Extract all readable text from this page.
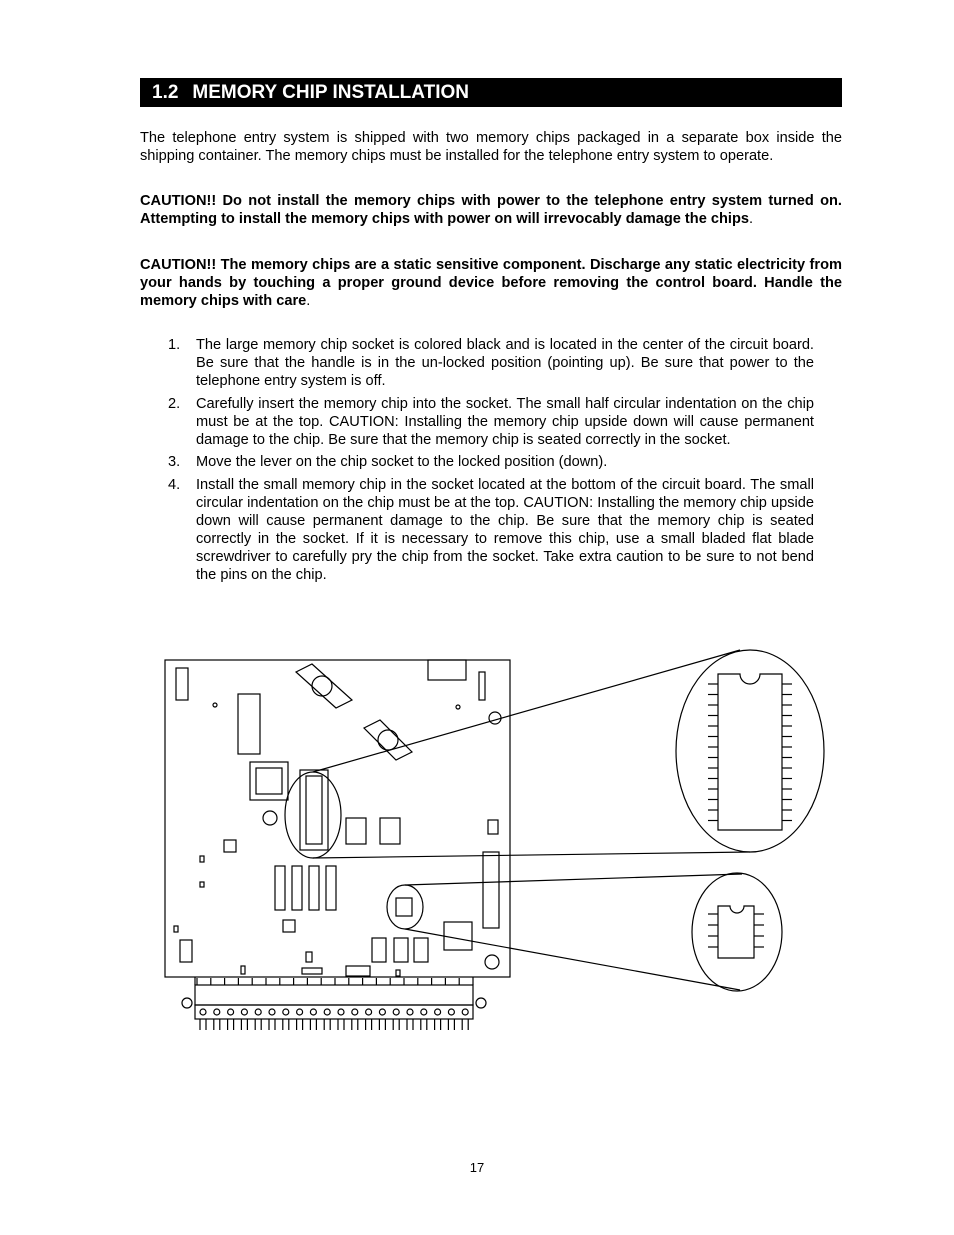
1.2 MEMORY CHIP INSTALLATION

The telephone entry system is shipped with two memory chips packaged in a separate box inside the shipping container. The memory chips must be installed for the telephone entry system to operate.

CAUTION!! Do not install the memory chips with power to the telephone entry system turned on. Attempting to install the memory chips with power on will irrevocably damage the chips.

CAUTION!! The memory chips are a static sensitive component. Discharge any static electricity from your hands by touching a proper ground device before removing the control board. Handle the memory chips with care.

1. The large memory chip socket is colored black and is located in the center of the circuit board. Be sure that the handle is in the un-locked position (pointing up). Be sure that power to the telephone entry system is off.
2. Carefully insert the memory chip into the socket. The small half circular indentation on the chip must be at the top. CAUTION: Installing the memory chip upside down will cause permanent damage to the chip. Be sure that the memory chip is seated correctly in the socket.
3. Move the lever on the chip socket to the locked position (down).
4. Install the small memory chip in the socket located at the bottom of the circuit board. The small circular indentation on the chip must be at the top. CAUTION: Installing the memory chip upside down will cause permanent damage to the chip. Be sure that the memory chip is seated correctly in the socket. If it is necessary to remove this chip, use a small bladed flat blade screwdriver to carefully pry the chip from the socket. Take extra caution to be sure to not bend the pins on the chip.
17
